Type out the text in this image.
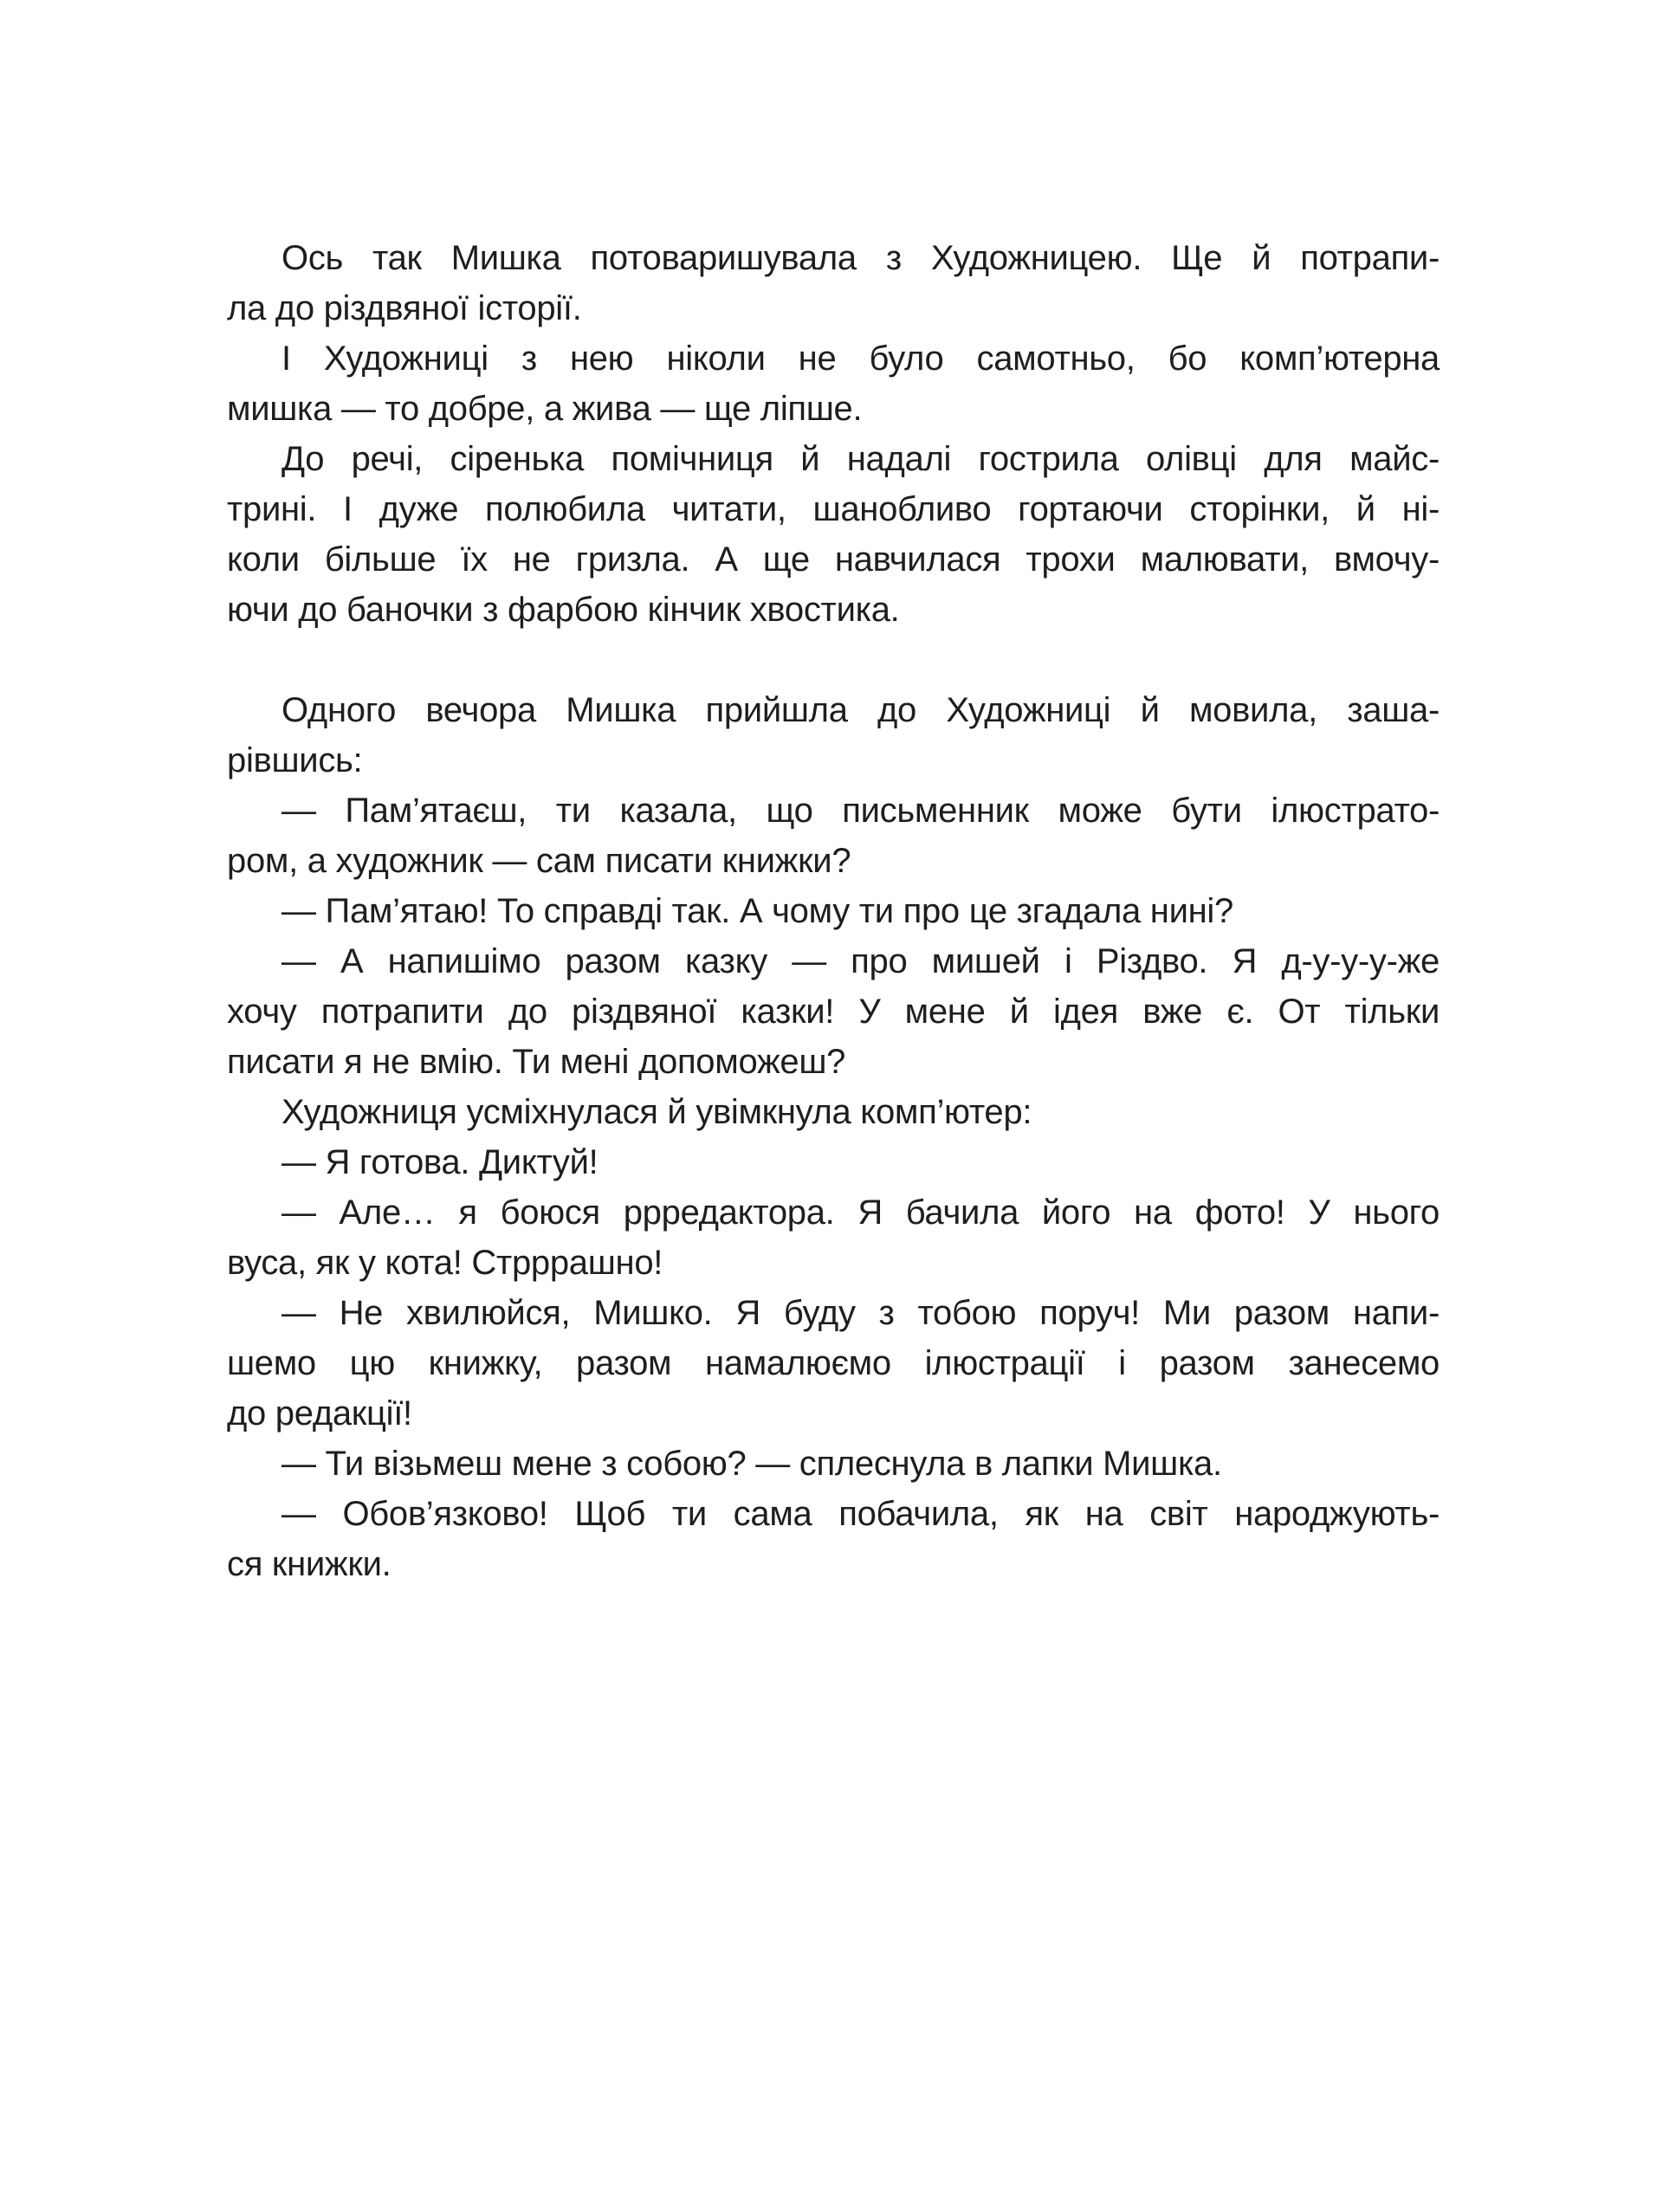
Ось так Мишка потоваришувала з Художницею. Ще й потрапи-
ла до різдвяної історії.
І Художниці з нею ніколи не було самотньо, бо комп’ютерна
мишка — то добре, а жива — ще ліпше.
До речі, сіренька помічниця й надалі гострила олівці для майс-
трині. І дуже полюбила читати, шанобливо гортаючи сторінки, й ні-
коли більше їх не гризла. А ще навчилася трохи малювати, вмочу-
ючи до баночки з фарбою кінчик хвостика.
Одного вечора Мишка прийшла до Художниці й мовила, заша-
рівшись:
— Пам’ятаєш, ти казала, що письменник може бути ілюстрато-
ром, а художник — сам писати книжки?
— Пам’ятаю! То справді так. А чому ти про це згадала нині?
— А напишімо разом казку — про мишей і Різдво. Я д-у-у-у-же
хочу потрапити до різдвяної казки! У мене й ідея вже є. От тільки
писати я не вмію. Ти мені допоможеш?
Художниця усміхнулася й увімкнула комп’ютер:
— Я готова. Диктуй!
— Але… я боюся ррредактора. Я бачила його на фото! У нього
вуса, як у кота! Стрррашно!
— Не хвилюйся, Мишко. Я буду з тобою поруч! Ми разом напи-
шемо цю книжку, разом намалюємо ілюстрації і разом занесемо
до редакції!
— Ти візьмеш мене з собою? — сплеснула в лапки Мишка.
— Обов’язково! Щоб ти сама побачила, як на світ народжують-
ся книжки.
